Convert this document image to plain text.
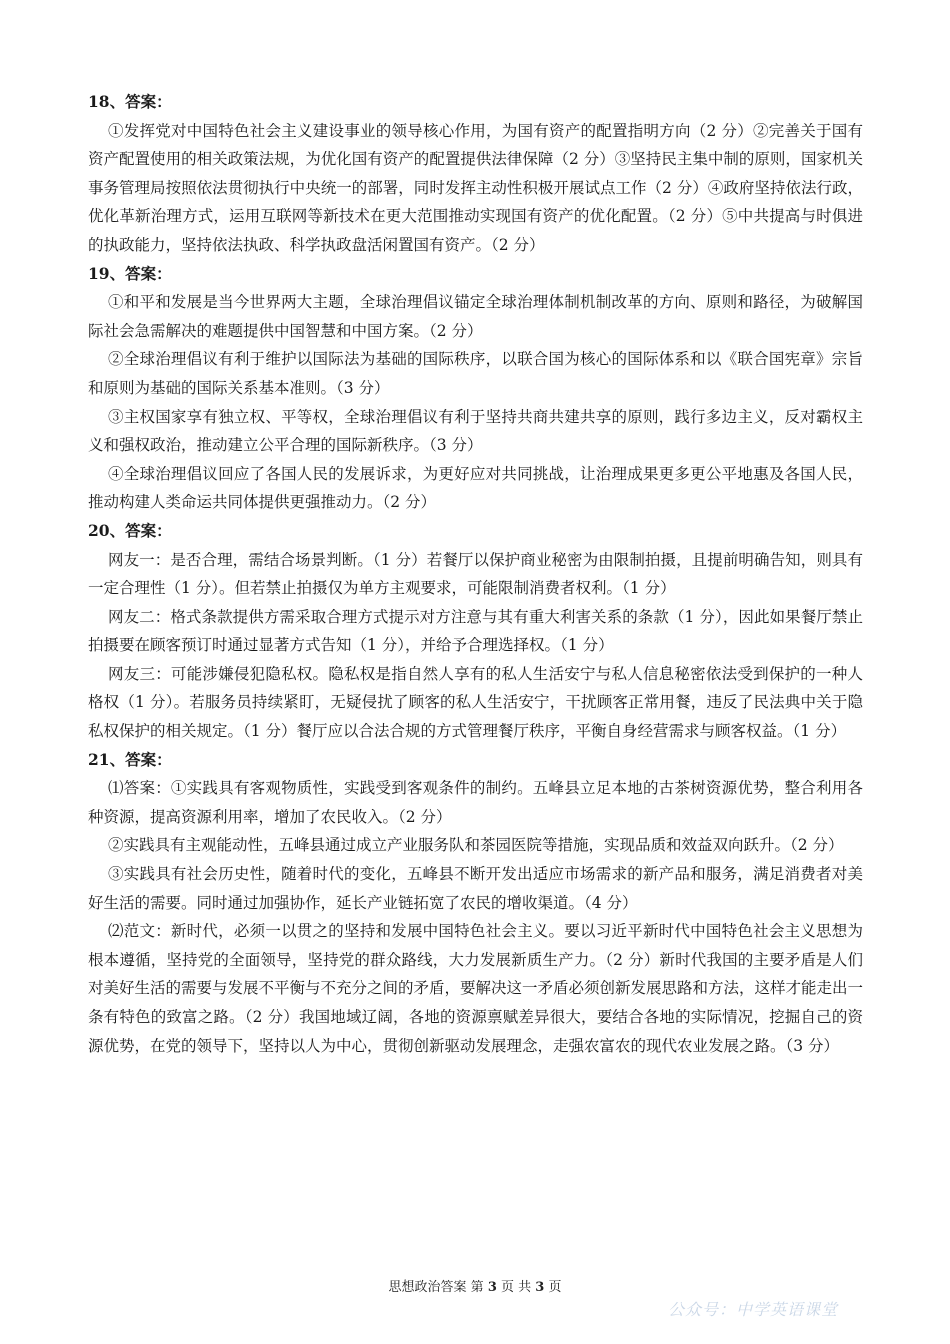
18、答案：

①发挥党对中国特色社会主义建设事业的领导核心作用，为国有资产的配置指明方向（2 分）②完善关于国有资产配置使用的相关政策法规，为优化国有资产的配置提供法律保障（2 分）③坚持民主集中制的原则，国家机关事务管理局按照依法贯彻执行中央统一的部署，同时发挥主动性积极开展试点工作（2 分）④政府坚持依法行政，优化革新治理方式，运用互联网等新技术在更大范围推动实现国有资产的优化配置。（2 分）⑤中共提高与时俱进的执政能力，坚持依法执政、科学执政盘活闲置国有资产。（2 分）

19、答案：

①和平和发展是当今世界两大主题，全球治理倡议锚定全球治理体制机制改革的方向、原则和路径，为破解国际社会急需解决的难题提供中国智慧和中国方案。（2 分）

②全球治理倡议有利于维护以国际法为基础的国际秩序，以联合国为核心的国际体系和以《联合国宪章》宗旨和原则为基础的国际关系基本准则。（3 分）

③主权国家享有独立权、平等权，全球治理倡议有利于坚持共商共建共享的原则，践行多边主义，反对霸权主义和强权政治，推动建立公平合理的国际新秩序。（3 分）

④全球治理倡议回应了各国人民的发展诉求，为更好应对共同挑战，让治理成果更多更公平地惠及各国人民，推动构建人类命运共同体提供更强推动力。（2 分）

20、答案：

网友一：是否合理，需结合场景判断。（1 分）若餐厅以保护商业秘密为由限制拍摄，且提前明确告知，则具有一定合理性（1 分）。但若禁止拍摄仅为单方主观要求，可能限制消费者权利。（1 分）

网友二：格式条款提供方需采取合理方式提示对方注意与其有重大利害关系的条款（1 分），因此如果餐厅禁止拍摄要在顾客预订时通过显著方式告知（1 分），并给予合理选择权。（1 分）

网友三：可能涉嫌侵犯隐私权。隐私权是指自然人享有的私人生活安宁与私人信息秘密依法受到保护的一种人格权（1 分）。若服务员持续紧盯，无疑侵扰了顾客的私人生活安宁，干扰顾客正常用餐，违反了民法典中关于隐私权保护的相关规定。（1 分）餐厅应以合法合规的方式管理餐厅秩序，平衡自身经营需求与顾客权益。（1 分）

21、答案：

⑴答案：①实践具有客观物质性，实践受到客观条件的制约。五峰县立足本地的古茶树资源优势，整合利用各种资源，提高资源利用率，增加了农民收入。（2 分）

②实践具有主观能动性，五峰县通过成立产业服务队和茶园医院等措施，实现品质和效益双向跃升。（2 分）

③实践具有社会历史性，随着时代的变化，五峰县不断开发出适应市场需求的新产品和服务，满足消费者对美好生活的需要。同时通过加强协作，延长产业链拓宽了农民的增收渠道。（4 分）

⑵范文：新时代，必须一以贯之的坚持和发展中国特色社会主义。要以习近平新时代中国特色社会主义思想为根本遵循，坚持党的全面领导，坚持党的群众路线，大力发展新质生产力。（2 分）新时代我国的主要矛盾是人们对美好生活的需要与发展不平衡与不充分之间的矛盾，要解决这一矛盾必须创新发展思路和方法，这样才能走出一条有特色的致富之路。（2 分）我国地域辽阔，各地的资源禀赋差异很大，要结合各地的实际情况，挖掘自己的资源优势，在党的领导下，坚持以人为中心，贯彻创新驱动发展理念，走强农富农的现代农业发展之路。（3 分）

思想政治答案 第 3 页 共 3 页
公众号：中学英语课堂
